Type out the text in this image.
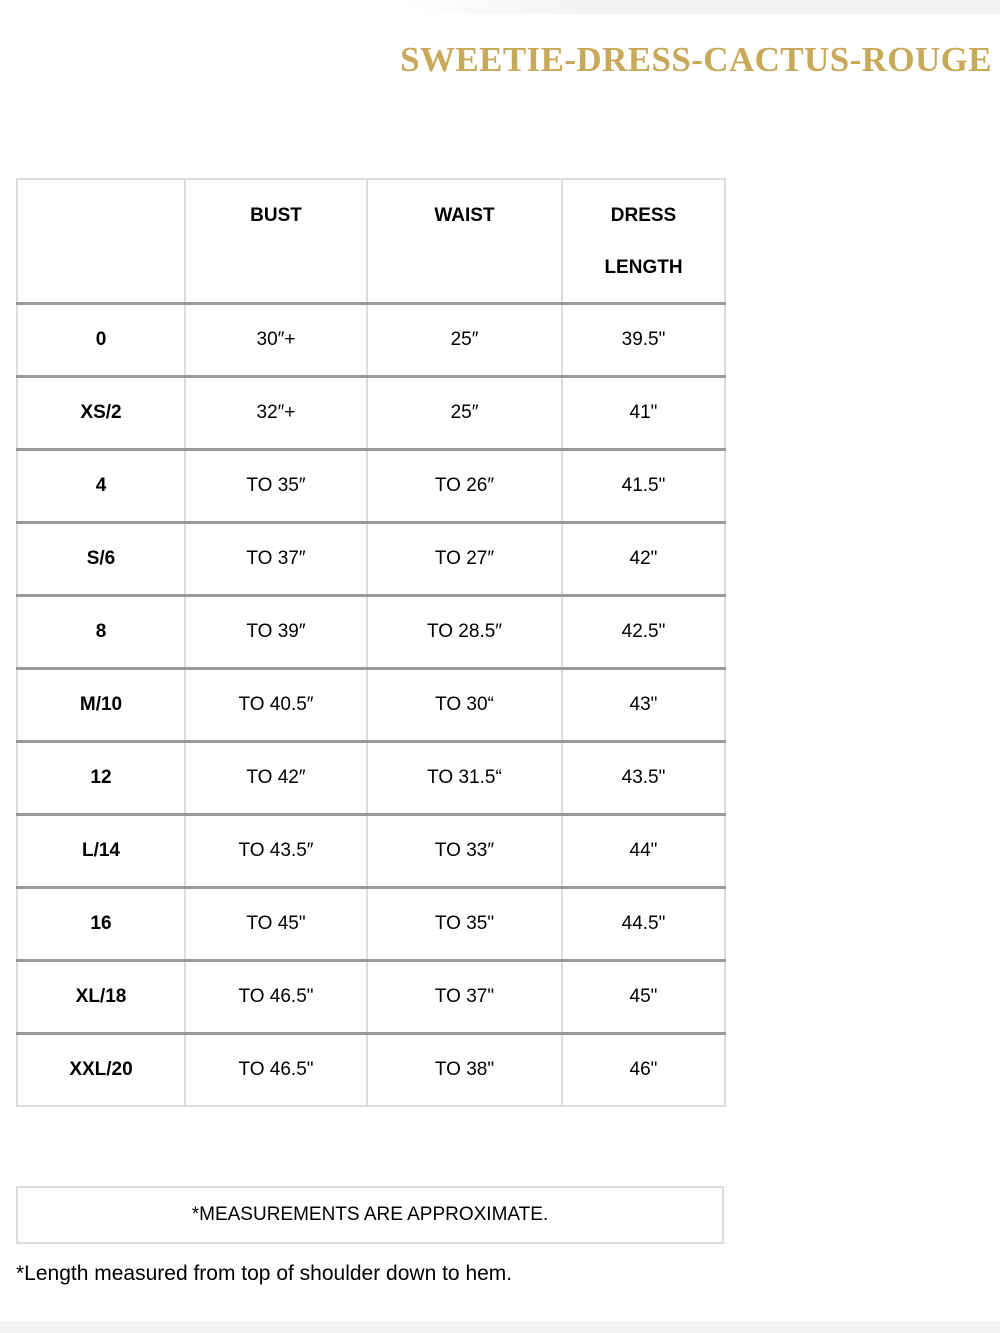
SWEETIE-DRESS-CACTUS-ROUGE

	BUST	WAIST	DRESS
LENGTH

0	30″+	25″	39.5"
XS/2	32″+	25″	41"
4	TO 35″	TO 26″	41.5"
S/6	TO 37″	TO 27″	42"
8	TO 39″	TO 28.5″	42.5"
M/10	TO 40.5″	TO 30“	43"
12	TO 42″	TO 31.5“	43.5"
L/14	TO 43.5″	TO 33″	44"
16	TO 45"	TO 35"	44.5"
XL/18	TO 46.5"	TO 37"	45"
XXL/20	TO 46.5"	TO 38"	46"
*MEASUREMENTS ARE APPROXIMATE.
*Length measured from top of shoulder down to hem.
